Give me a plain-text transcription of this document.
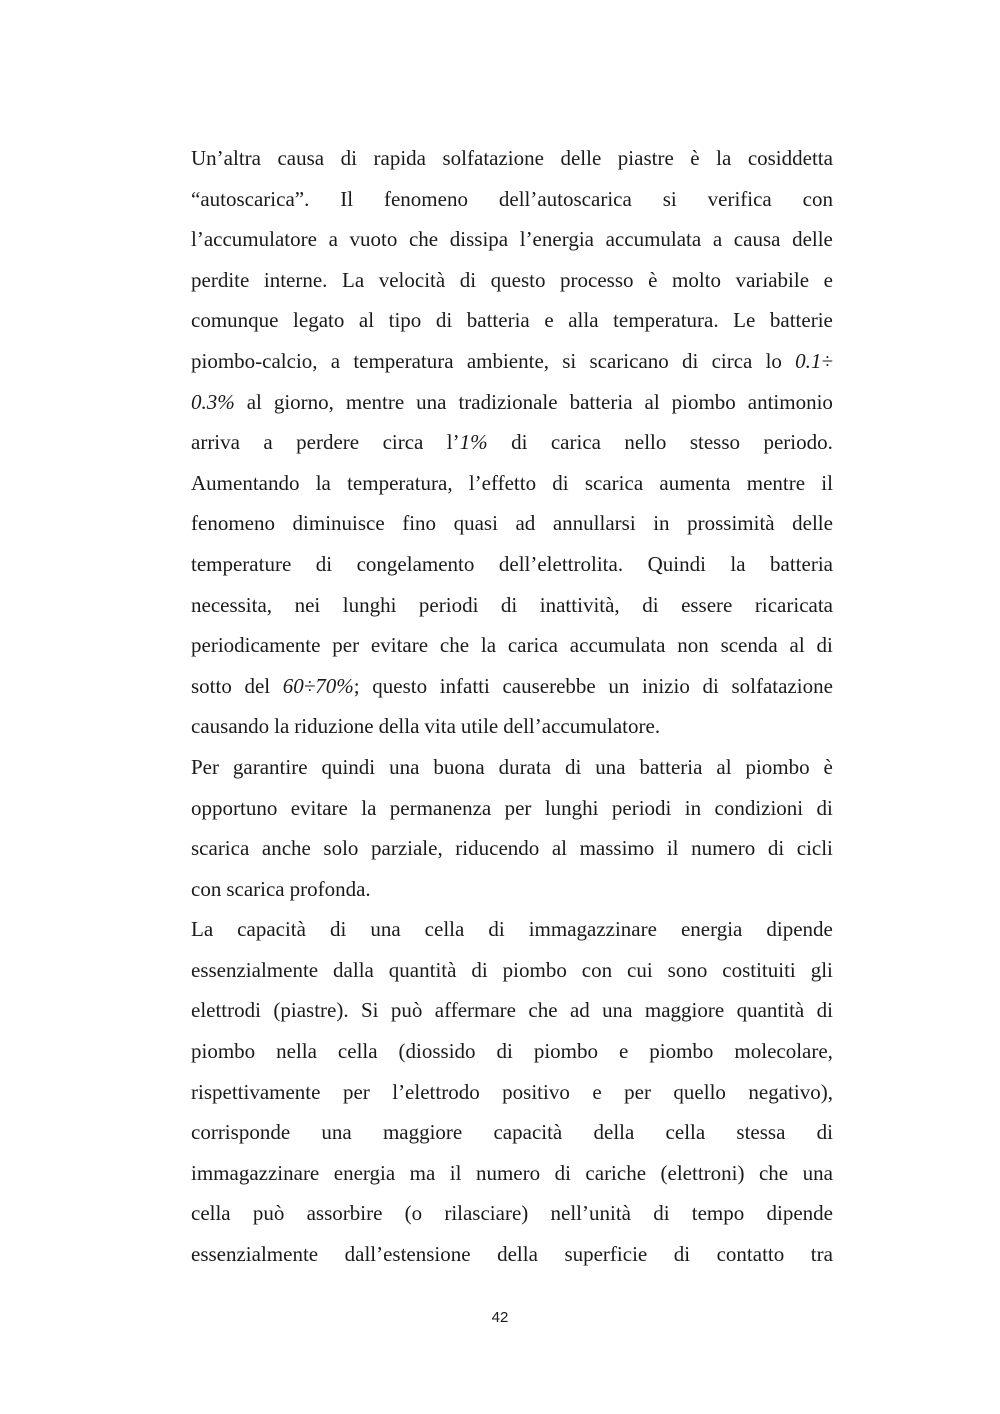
Un’altra causa di rapida solfatazione delle piastre è la cosiddetta
“autoscarica”. Il fenomeno dell’autoscarica si verifica con
l’accumulatore a vuoto che dissipa l’energia accumulata a causa delle
perdite interne. La velocità di questo processo è molto variabile e
comunque legato al tipo di batteria e alla temperatura. Le batterie
piombo-calcio, a temperatura ambiente, si scaricano di circa lo 0.1÷
0.3% al giorno, mentre una tradizionale batteria al piombo antimonio
arriva a perdere circa l’1% di carica nello stesso periodo.
Aumentando la temperatura, l’effetto di scarica aumenta mentre il
fenomeno diminuisce fino quasi ad annullarsi in prossimità delle
temperature di congelamento dell’elettrolita. Quindi la batteria
necessita, nei lunghi periodi di inattività, di essere ricaricata
periodicamente per evitare che la carica accumulata non scenda al di
sotto del 60÷70%; questo infatti causerebbe un inizio di solfatazione
causando la riduzione della vita utile dell’accumulatore.

Per garantire quindi una buona durata di una batteria al piombo è
opportuno evitare la permanenza per lunghi periodi in condizioni di
scarica anche solo parziale, riducendo al massimo il numero di cicli
con scarica profonda.

La capacità di una cella di immagazzinare energia dipende
essenzialmente dalla quantità di piombo con cui sono costituiti gli
elettrodi (piastre). Si può affermare che ad una maggiore quantità di
piombo nella cella (diossido di piombo e piombo molecolare,
rispettivamente per l’elettrodo positivo e per quello negativo),
corrisponde una maggiore capacità della cella stessa di
immagazzinare energia ma il numero di cariche (elettroni) che una
cella può assorbire (o rilasciare) nell’unità di tempo dipende
essenzialmente dall’estensione della superficie di contatto tra

42
